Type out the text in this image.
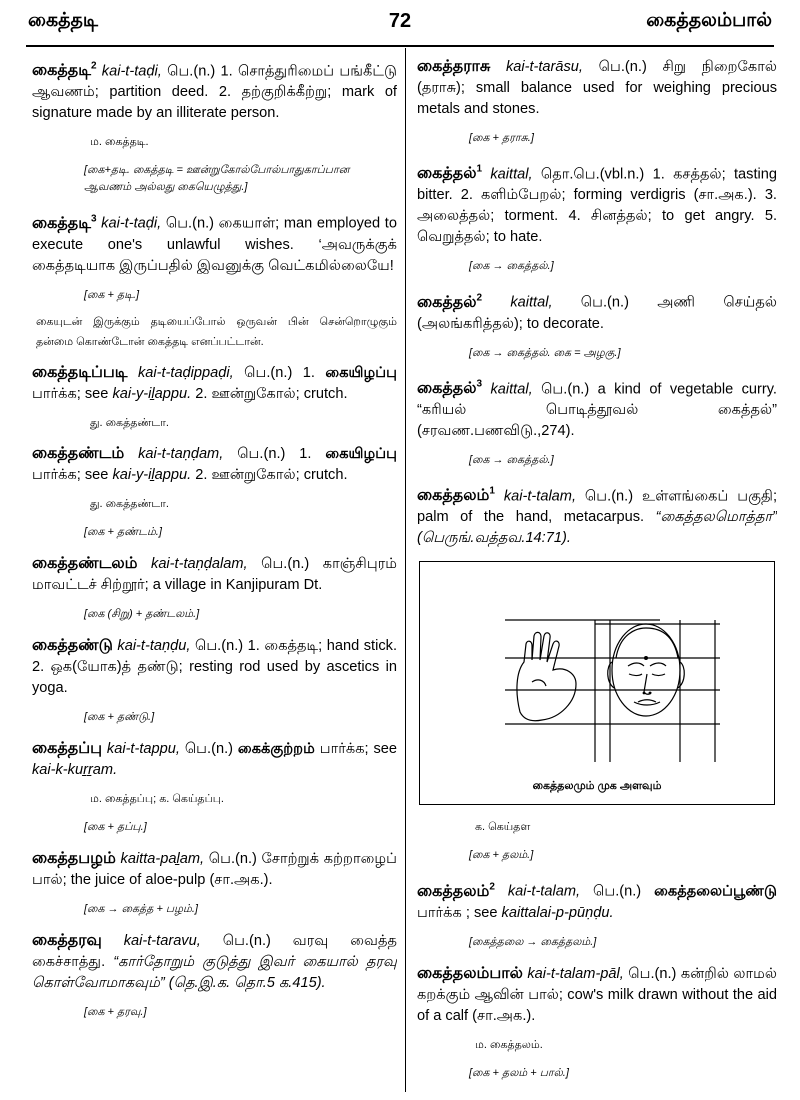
கைத்தடி	72	கைத்தலம்பால்

கைத்தடி$^2$ kai-t-taḍi, பெ.(n.) 1. சொத்துரிமைப் பங்கீட்டு ஆவணம்; partition deed. 2. தற்குறிக்கீற்று; mark of signature made by an illiterate person.

ம. கைத்தடி.

[கை+தடி. கைத்தடி = ஊன்றுகோல்போல்பாதுகாப்பான ஆவணம் அல்லது கையெழுத்து.]

கைத்தடி$^3$ kai-t-taḍi, பெ.(n.) கையாள்; man employed to execute one's unlawful wishes. ‘அவருக்குக் கைத்தடியாக இருப்பதில் இவனுக்கு வெட்கமில்லையே!

[கை + தடி.]

கையுடன் இருக்கும் தடியைப்போல் ஒருவன் பின் சென்றொழுகும் தன்மை கொண்டோன் கைத்தடி எனப்பட்டான்.

கைத்தடிப்படி kai-t-taḍippaḍi, பெ.(n.) 1. கையிழப்பு பார்க்க; see kai-y-iḻappu. 2. ஊன்றுகோல்; crutch.

து. கைத்தண்டா.

கைத்தண்டம் kai-t-taṇḍam, பெ.(n.) 1. கையிழப்பு பார்க்க; see kai-y-iḻappu. 2. ஊன்றுகோல்; crutch.

து. கைத்தண்டா.

[கை + தண்டம்.]

கைத்தண்டலம் kai-t-taṇḍalam, பெ.(n.) காஞ்சிபுரம் மாவட்டச் சிற்றூர்; a village in Kanjipuram Dt.

[கை (சிறு) + தண்டலம்.]

கைத்தண்டு kai-t-taṇḍu, பெ.(n.) 1. கைத்தடி; hand stick. 2. ஒக(யோக)த் தண்டு; resting rod used by ascetics in yoga.

[கை + தண்டு.]

கைத்தப்பு kai-t-tappu, பெ.(n.) கைக்குற்றம் பார்க்க; see kai-k-kuṟṟam.

ம. கைத்தப்பு; க. கெய்தப்பு.

[கை + தப்பு.]

கைத்தபழம் kaitta-paḻam, பெ.(n.) சோற்றுக் கற்றாழைப் பால்; the juice of aloe-pulp (சா.அக.).

[கை → கைத்த + பழம்.]

கைத்தரவு kai-t-taravu, பெ.(n.) வரவு வைத்த கைச்சாத்து. “கார்தோறும் குடுத்து இவர் கையால் தரவு கொள்வோமாகவும்” (தெ.இ.க. தொ.5 க.415).

[கை + தரவு.]

கைத்தராசு kai-t-tarāsu, பெ.(n.) சிறு நிறைகோல் (தராசு); small balance used for weighing precious metals and stones.

[கை + தராசு.]

கைத்தல்$^1$ kaittal, தொ.பெ.(vbl.n.) 1. கசத்தல்; tasting bitter. 2. களிம்பேறல்; forming verdigris (சா.அக.). 3. அலைத்தல்; torment. 4. சினத்தல்; to get angry. 5. வெறுத்தல்; to hate.

[கை → கைத்தல்.]

கைத்தல்$^2$ kaittal, பெ.(n.) அணி செய்தல் (அலங்கரித்தல்); to decorate.

[கை → கைத்தல். கை = அழகு.]

கைத்தல்$^3$ kaittal, பெ.(n.) a kind of vegetable curry. “கரியல் பொடித்தூவல் கைத்தல்” (சரவண.பணவிடு.,274).

[கை → கைத்தல்.]

கைத்தலம்$^1$ kai-t-talam, பெ.(n.) உள்ளங்கைப் பகுதி; palm of the hand, metacarpus. “கைத்தலமொத்தா” (பெருங்.வத்தவ.14:71).

கைத்தலமும் முக அளவும்

க. கெய்தள

[கை + தலம்.]

கைத்தலம்$^2$ kai-t-talam, பெ.(n.) கைத்தலைப்பூண்டு பார்க்க ; see kaittalai-p-pūṇḍu.

[கைத்தலை → கைத்தலம்.]

கைத்தலம்பால் kai-t-talam-pāl, பெ.(n.) கன்றில் லாமல் கறக்கும் ஆவின் பால்; cow's milk drawn without the aid of a calf (சா.அக.).

ம. கைத்தலம்.

[கை + தலம் + பால்.]
